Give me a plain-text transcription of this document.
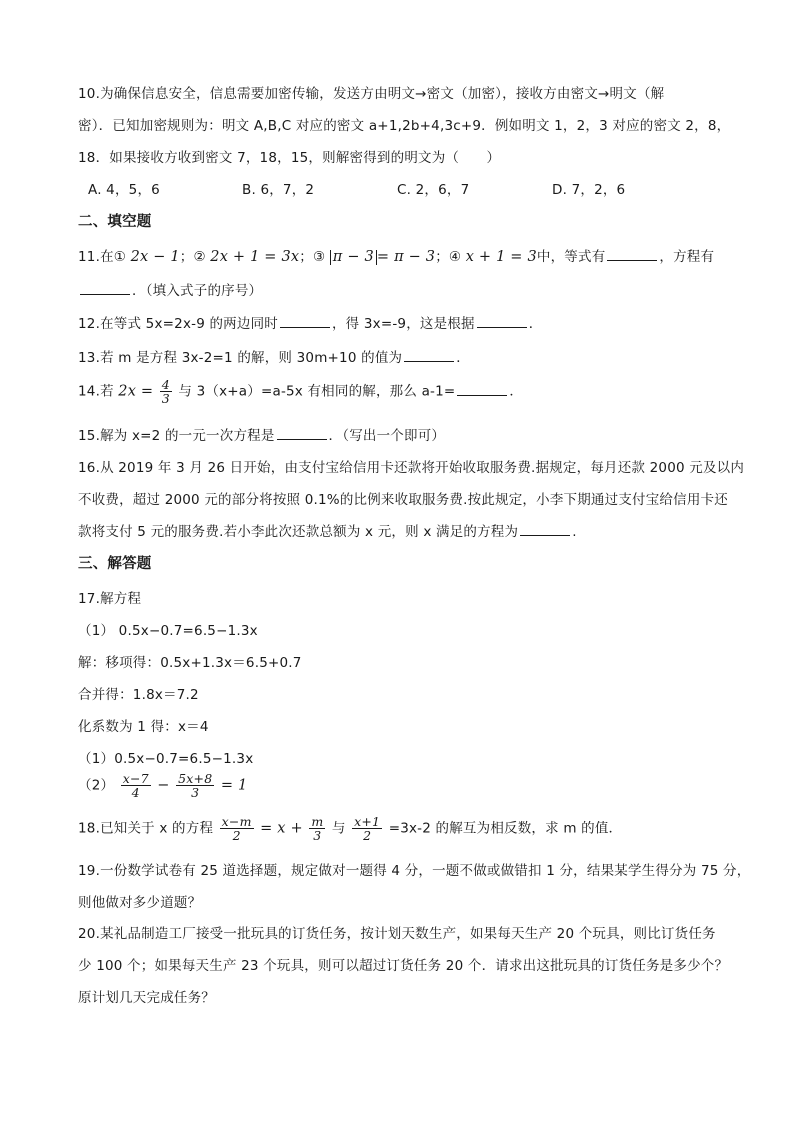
10.为确保信息安全，信息需要加密传输，发送方由明文→密文（加密），接收方由密文→明文（解
密）．已知加密规则为：明文 A,B,C 对应的密文 a+1,2b+4,3c+9．例如明文 1，2，3 对应的密文 2，8，
18．如果接收方收到密文 7，18，15，则解密得到的明文为（　　）
A. 4，5，6	B. 6，7，2	C. 2，6，7	D. 7，2，6
二、填空题
11.在① 2x − 1；② 2x + 1 = 3x；③ π − 3 = π − 3；④ x + 1 = 3中，等式有	，方程有
．（填入式子的序号）
12.在等式 5x=2x-9 的两边同时	，得 3x=-9，这是根据	．
13.若 m 是方程 3x-2=1 的解，则 30m+10 的值为	．
14.若 $2x = \frac{4}{3}$ 与 3（x+a）=a-5x 有相同的解，那么 a-1=	．
15.解为 x=2 的一元一次方程是	．（写出一个即可）
16.从 2019 年 3 月 26 日开始，由支付宝给信用卡还款将开始收取服务费.据规定，每月还款 2000 元及以内
不收费，超过 2000 元的部分将按照 0.1%的比例来收取服务费.按此规定，小李下期通过支付宝给信用卡还
款将支付 5 元的服务费.若小李此次还款总额为 x 元，则 x 满足的方程为	.
三、解答题
17.解方程
（1） 0.5x−0.7=6.5−1.3x
解：移项得：0.5x+1.3x＝6.5+0.7
合并得：1.8x＝7.2
化系数为 1 得：x＝4
（1）0.5x−0.7=6.5−1.3x
$(2) \frac{x-7}{4} - \frac{5x+8}{3} = 1$
18.已知关于 x 的方程 $\frac{x-m}{2} = x + \frac{m}{3}$ 与 $\frac{x+1}{2} =3x-2$ 的解互为相反数，求 m 的值．
19.一份数学试卷有 25 道选择题，规定做对一题得 4 分，一题不做或做错扣 1 分，结果某学生得分为 75 分，
则他做对多少道题？
20.某礼品制造工厂接受一批玩具的订货任务，按计划天数生产，如果每天生产 20 个玩具，则比订货任务
少 100 个；如果每天生产 23 个玩具，则可以超过订货任务 20 个．请求出这批玩具的订货任务是多少个？
原计划几天完成任务？
